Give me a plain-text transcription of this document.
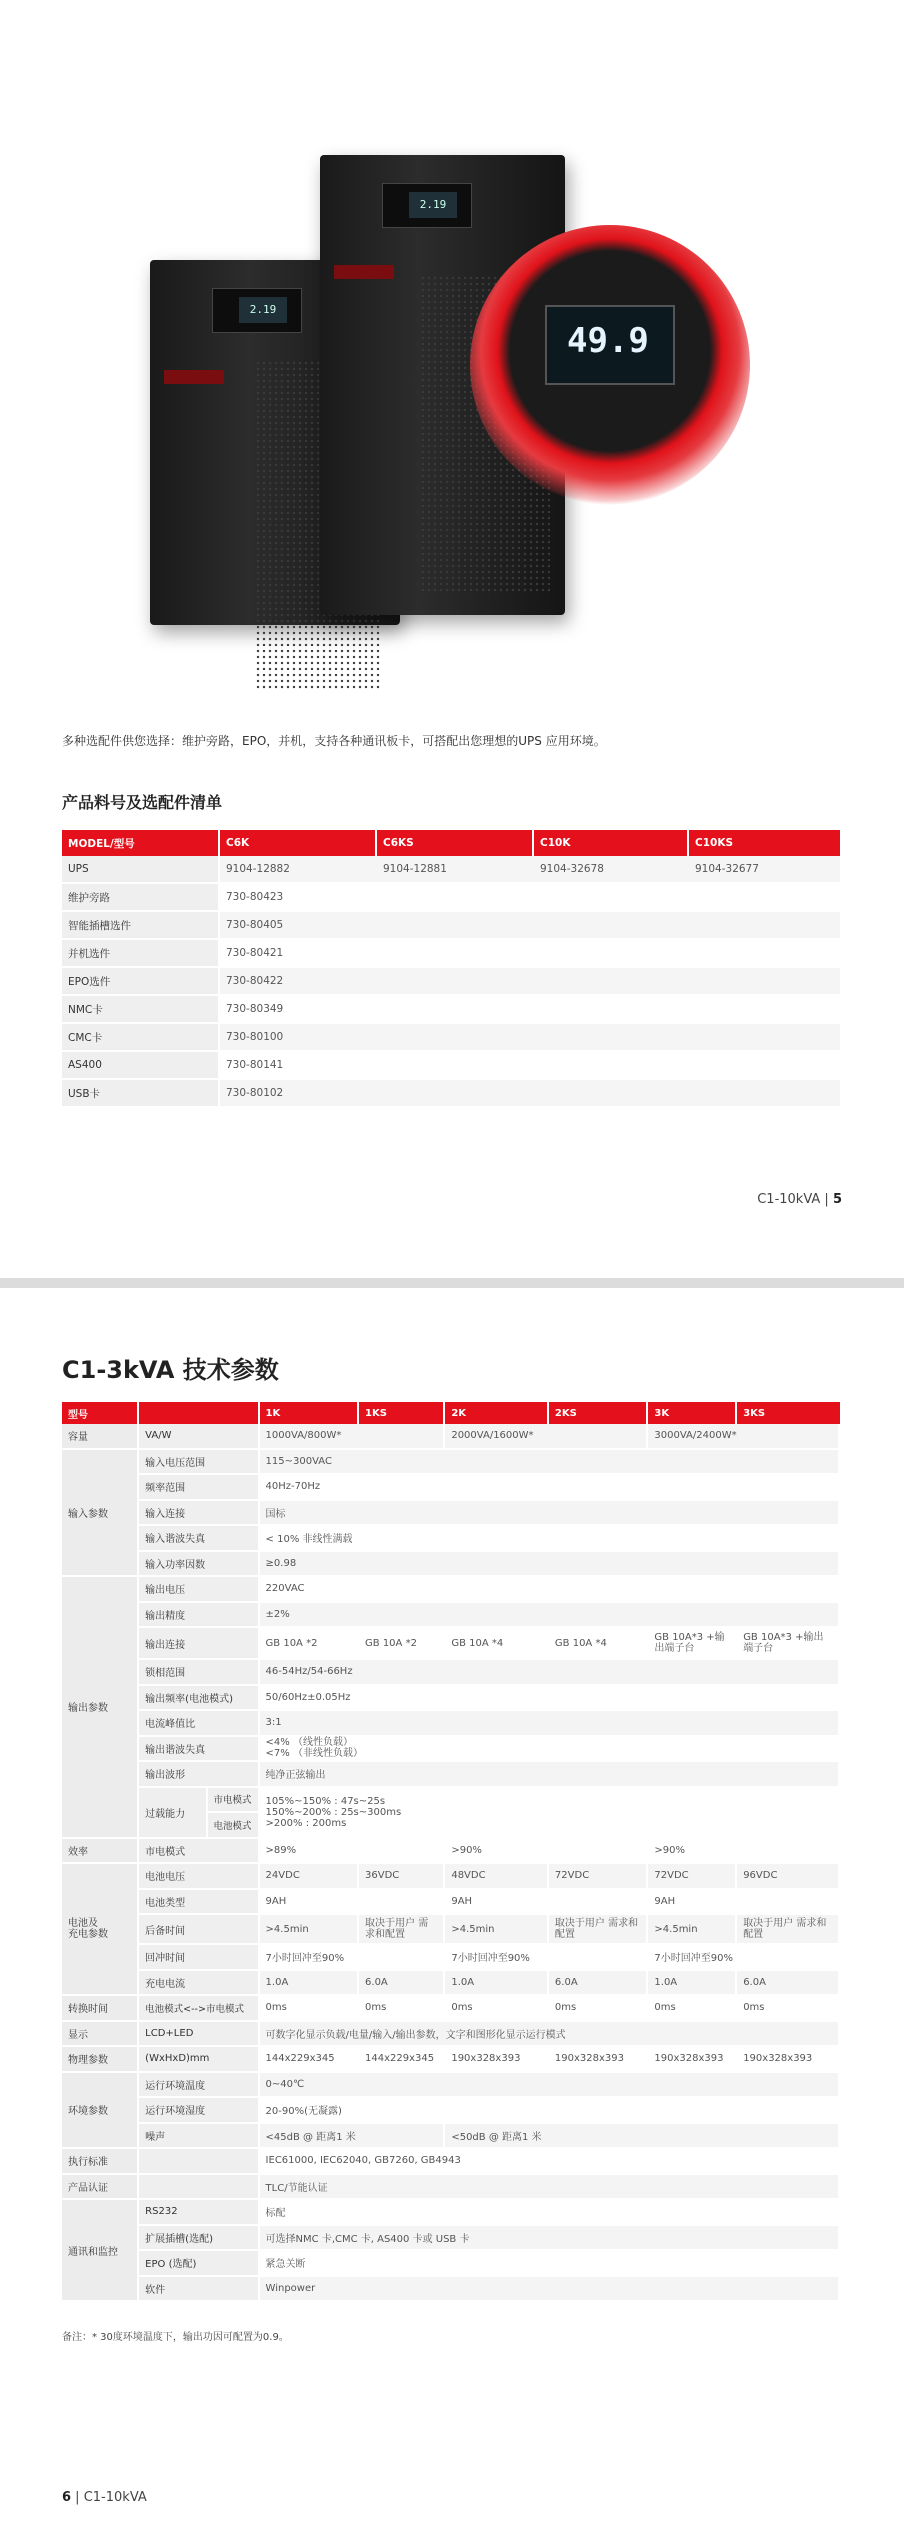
2.19
2.19
49.9
多种选配件供您选择：维护旁路，EPO，并机，支持各种通讯板卡，可搭配出您理想的UPS 应用环境。
产品料号及选配件清单
MODEL/型号	C6K	C6KS	C10K	C10KS
UPS	9104-12882	9104-12881	9104-32678	9104-32677
维护旁路	730-80423			
智能插槽选件	730-80405			
并机选件	730-80421			
EPO选件	730-80422			
NMC卡	730-80349			
CMC卡	730-80100			
AS400	730-80141			
USB卡	730-80102			
C1-10kVA | 5
C1-3kVA 技术参数
型号			1K	1KS	2K	2KS	3K	3KS
容量	VA/W		1000VA/800W*		2000VA/1600W*		3000VA/2400W*	
输入参数	输入电压范围		115~300VAC					
	频率范围		40Hz-70Hz					
	输入连接		国标					
	输入谐波失真		< 10% 非线性满载					
	输入功率因数		≥0.98					
输出参数	输出电压		220VAC					
	输出精度		±2%					
	输出连接		GB 10A *2	GB 10A *2	GB 10A *4	GB 10A *4	GB 10A*3 +输出端子台	GB 10A*3 +输出端子台
	锁相范围		46-54Hz/54-66Hz					
	输出频率(电池模式)		50/60Hz±0.05Hz					
	电流峰值比		3:1					
	输出谐波失真		<4% （线性负载）
<7% （非线性负载）					

	输出波形		纯净正弦输出					
	过载能力	市电模式	105%~150% : 47s~25s
150%~200% : 25s~300ms
>200% : 200ms					

		电池模式						
效率	市电模式		>89%		>90%		>90%	

电池及
充电参数	电池电压		24VDC	36VDC	48VDC	72VDC	72VDC	96VDC
	电池类型		9AH		9AH		9AH	
	后备时间		>4.5min	取决于用户 需求和配置	>4.5min	取决于用户 需求和配置	>4.5min	取决于用户 需求和配置
	回冲时间		7小时回冲至90%		7小时回冲至90%		7小时回冲至90%	
	充电电流		1.0A	6.0A	1.0A	6.0A	1.0A	6.0A
转换时间	电池模式<-->市电模式		0ms	0ms	0ms	0ms	0ms	0ms
显示	LCD+LED		可数字化显示负载/电量/输入/输出参数，文字和图形化显示运行模式					
物理参数	(WxHxD)mm		144x229x345	144x229x345	190x328x393	190x328x393	190x328x393	190x328x393
环境参数	运行环境温度		0~40℃					
	运行环境湿度		20-90%(无凝露)					
	噪声		<45dB @ 距离1 米		<50dB @ 距离1 米			
执行标准			IEC61000, IEC62040, GB7260, GB4943					
产品认证			TLC/节能认证					
通讯和监控	RS232		标配					
	扩展插槽(选配)		可选择NMC 卡,CMC 卡, AS400 卡或 USB 卡					
	EPO (选配)		紧急关断					
	软件		Winpower					
备注：* 30度环境温度下，输出功因可配置为0.9。
6 | C1-10kVA
